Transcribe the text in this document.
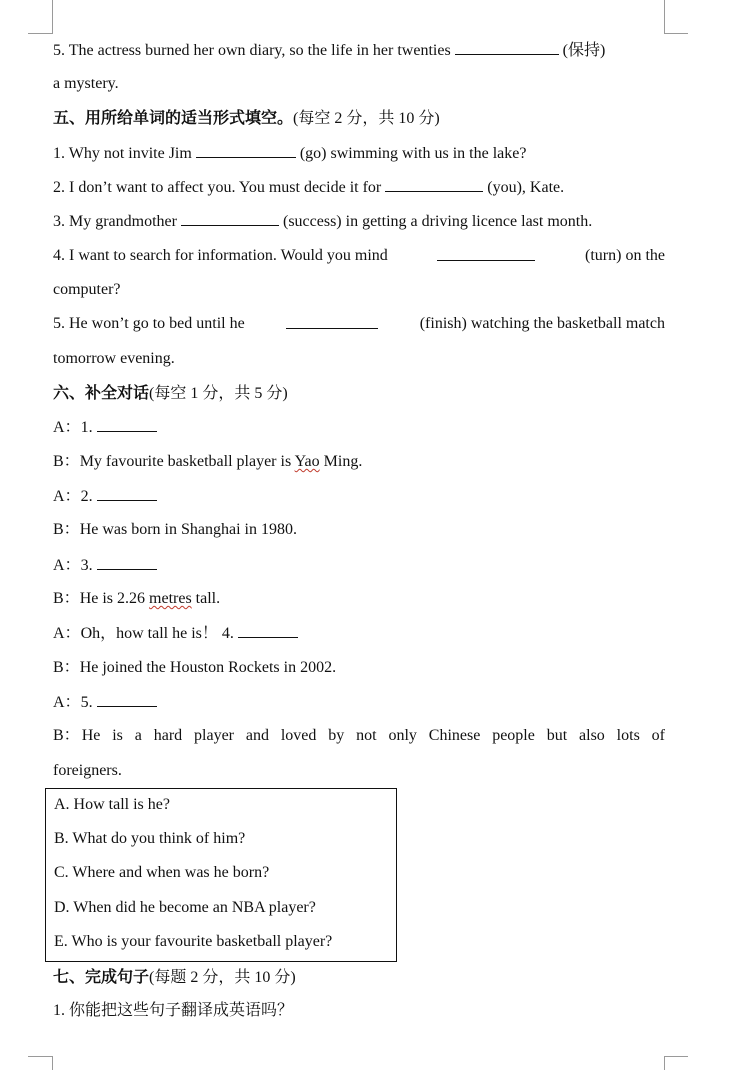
5. The actress burned her own diary, so the life in her twenties	(保持)
a mystery.
五、用所给单词的适当形式填空。(每空 2 分，共 10 分)
1. Why not invite Jim	(go) swimming with us in the lake?
2. I don’t want to affect you. You must decide it for	(you), Kate.
3. My grandmother	(success) in getting a driving licence last month.
4. I want to search for information. Would you mind	(turn) on the
computer?
5. He won’t go to bed until he	(finish) watching the basketball match
tomorrow evening.
六、补全对话(每空 1 分，共 5 分)
A：1.
B：My favourite basketball player is Yao Ming.
A：2.
B：He was born in Shanghai in 1980.
A：3.
B：He is 2.26 metres tall.
A：Oh，how tall he is！ 4.
B：He joined the Houston Rockets in 2002.
A：5.
B： He is a hard player and loved by not only Chinese people but also lots of
foreigners.
A. How tall is he?
B. What do you think of him?
C. Where and when was he born?
D. When did he become an NBA player?
E. Who is your favourite basketball player?
七、完成句子(每题 2 分，共 10 分)
1. 你能把这些句子翻译成英语吗？
